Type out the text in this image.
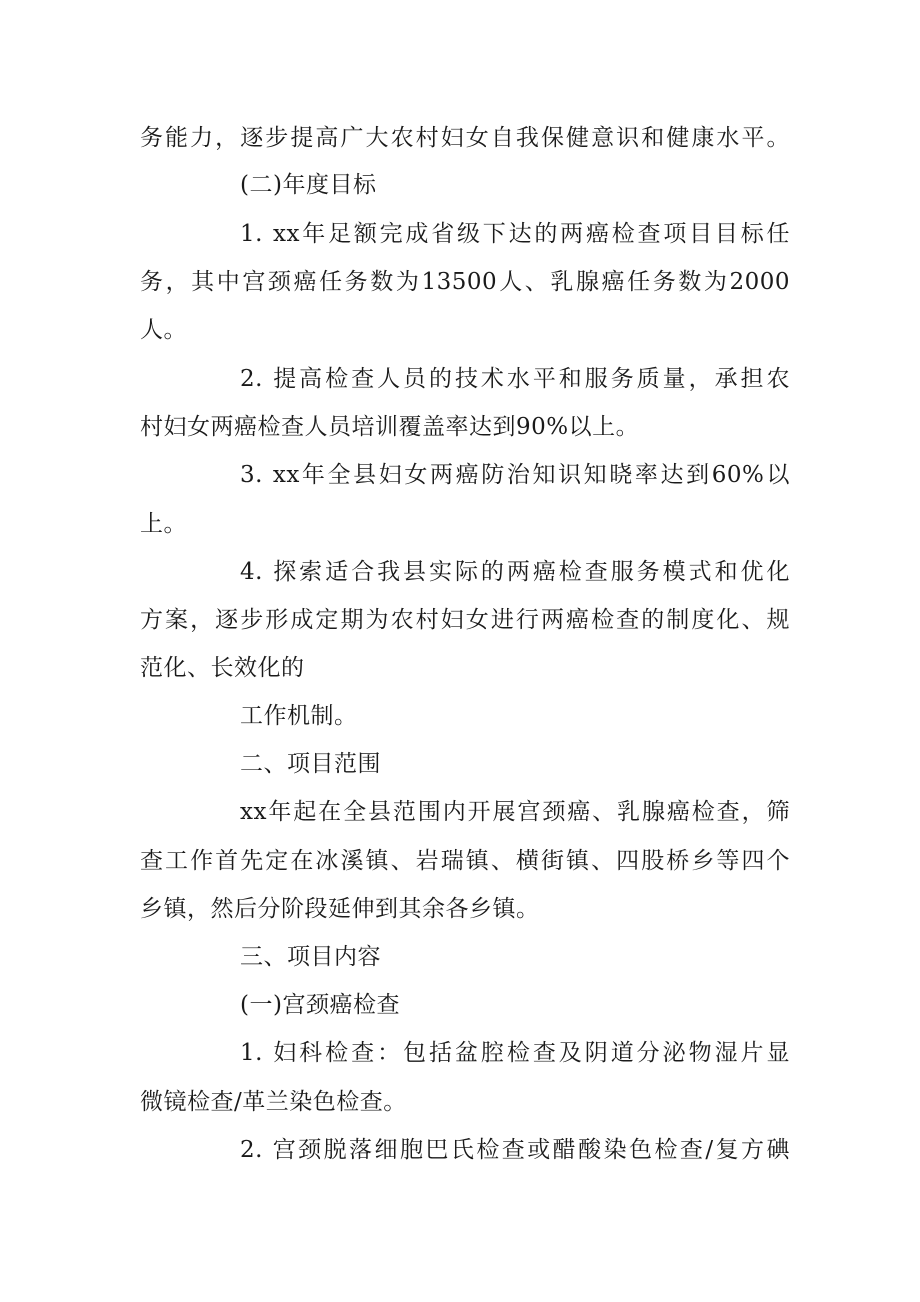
务能力，逐步提高广大农村妇女自我保健意识和健康水平。
(二)年度目标
1. xx年足额完成省级下达的两癌检查项目目标任
务，其中宫颈癌任务数为13500人、乳腺癌任务数为2000
人。
2. 提高检查人员的技术水平和服务质量，承担农
村妇女两癌检查人员培训覆盖率达到90%以上。
3. xx年全县妇女两癌防治知识知晓率达到60%以
上。
4. 探索适合我县实际的两癌检查服务模式和优化
方案，逐步形成定期为农村妇女进行两癌检查的制度化、规
范化、长效化的
工作机制。
二、项目范围
xx年起在全县范围内开展宫颈癌、乳腺癌检查，筛
查工作首先定在冰溪镇、岩瑞镇、横街镇、四股桥乡等四个
乡镇，然后分阶段延伸到其余各乡镇。
三、项目内容
(一)宫颈癌检查
1. 妇科检查：包括盆腔检查及阴道分泌物湿片显
微镜检查/革兰染色检查。
2. 宫颈脱落细胞巴氏检查或醋酸染色检查/复方碘
